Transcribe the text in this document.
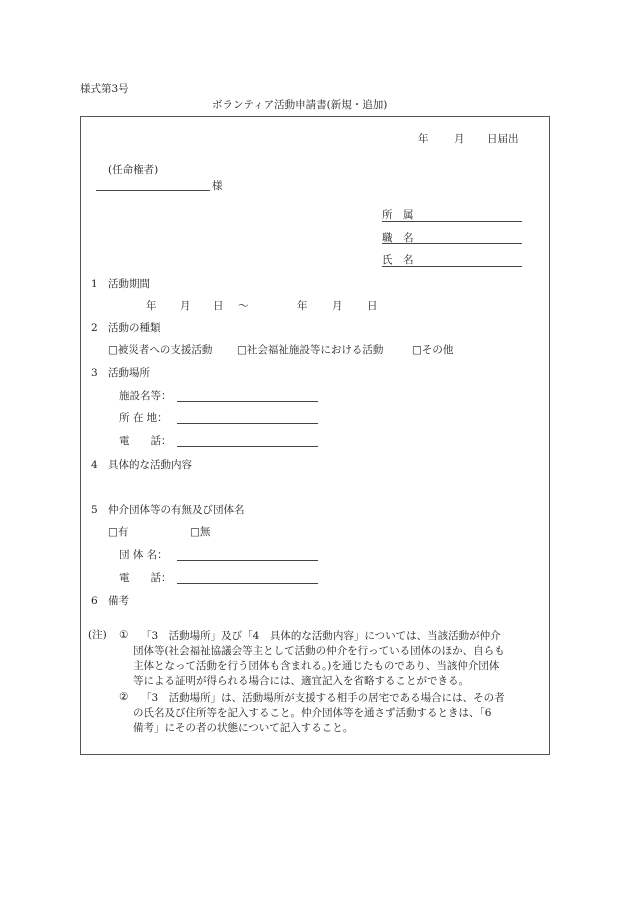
様式第3号
ボランティア活動申請書(新規・追加)
年 月 日届出
(任命権者)
様
所　属
職　名
氏　名
1 活動期間
年 月 日 〜	年 月 日
2 活動の種類
□被災者への支援活動 □社会福祉施設等における活動	□その他
3 活動場所
施設名等：
所 在 地：
電　　話：
4 具体的な活動内容
5 仲介団体等の有無及び団体名
□有	□無
団 体 名：
電　　話：
6 備考
(注) ①	「3　活動場所」及び「4　具体的な活動内容」については、当該活動が仲介
団体等(社会福祉協議会等主として活動の仲介を行っている団体のほか、自らも
主体となって活動を行う団体も含まれる。)を通じたものであり、当該仲介団体
等による証明が得られる場合には、適宜記入を省略することができる。
②	「3　活動場所」は、活動場所が支援する相手の居宅である場合には、その者
の氏名及び住所等を記入すること。仲介団体等を通さず活動するときは、「6
備考」にその者の状態について記入すること。
